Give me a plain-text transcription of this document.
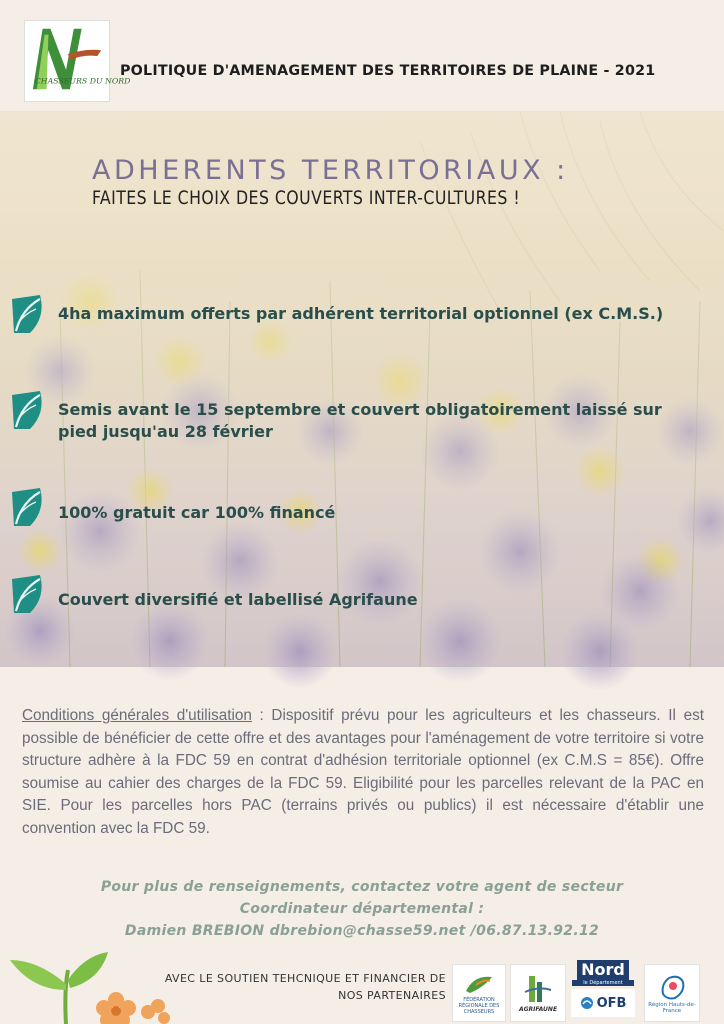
CHASSEURS DU NORD
POLITIQUE D'AMENAGEMENT DES TERRITOIRES DE PLAINE - 2021
ADHERENTS TERRITORIAUX :
FAITES LE CHOIX DES COUVERTS INTER-CULTURES !
4ha maximum offerts par adhérent territorial optionnel (ex C.M.S.)
Semis avant le 15 septembre et couvert obligatoirement laissé sur pied jusqu'au 28 février
100% gratuit car 100% financé
Couvert diversifié et labellisé Agrifaune
Conditions générales d'utilisation : Dispositif prévu pour les agriculteurs et les chasseurs. Il est possible de bénéficier de cette offre et des avantages pour l'aménagement de votre territoire si votre structure adhère à la FDC 59 en contrat d'adhésion territoriale optionnel (ex C.M.S = 85€). Offre soumise au cahier des charges de la FDC 59. Eligibilité pour les parcelles relevant de la PAC en SIE. Pour les parcelles hors PAC (terrains privés ou publics) il est nécessaire d'établir une convention avec la FDC 59.
Pour plus de renseignements, contactez votre agent de secteur
Coordinateur départemental :
Damien BREBION dbrebion@chasse59.net /06.87.13.92.12
AVEC LE SOUTIEN TEHCNIQUE ET FINANCIER DE
NOS PARTENAIRES	FÉDÉRATION RÉGIONALE DES CHASSEURS	AGRIFAUNE
Nord
le Département
OFB	Région Hauts-de-France
